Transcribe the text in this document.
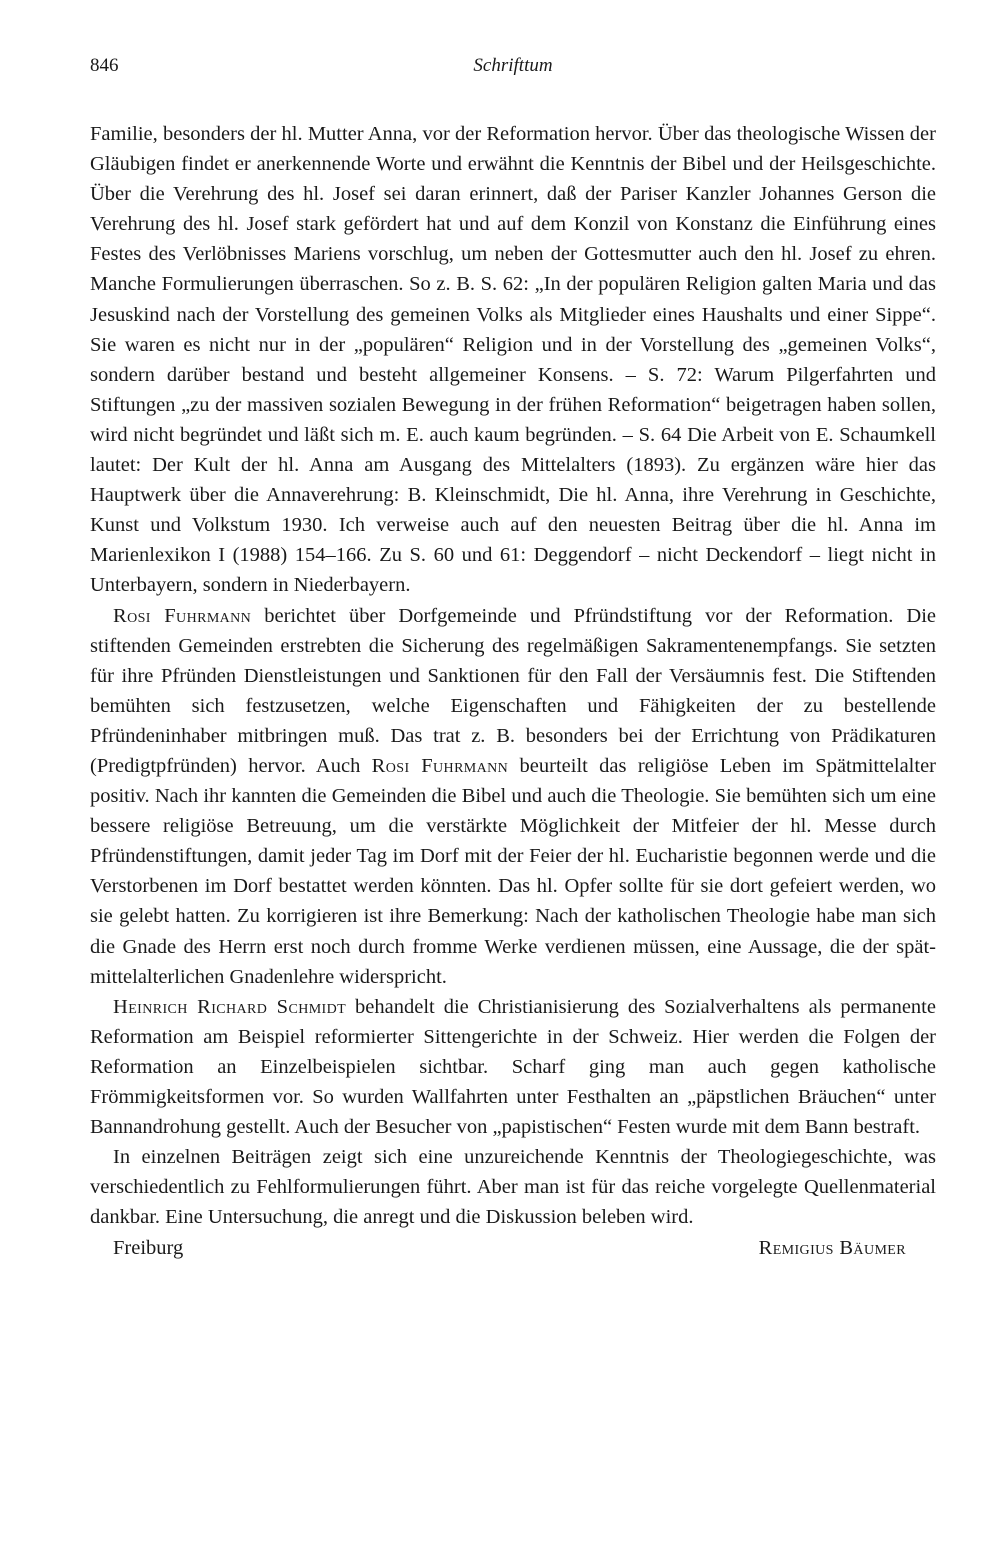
846	Schrifttum

Familie, besonders der hl. Mutter Anna, vor der Reformation hervor. Über das theologische Wissen der Gläubigen findet er anerkennende Worte und erwähnt die Kenntnis der Bibel und der Heilsgeschichte. Über die Verehrung des hl. Josef sei daran erinnert, daß der Pariser Kanzler Johannes Gerson die Verehrung des hl. Josef stark gefördert hat und auf dem Konzil von Konstanz die Einführung eines Festes des Verlöbnisses Mariens vorschlug, um neben der Gottesmutter auch den hl. Josef zu ehren. Manche Formulierungen überraschen. So z. B. S. 62: „In der populären Religion galten Maria und das Jesuskind nach der Vorstellung des gemeinen Volks als Mitglieder eines Haushalts und einer Sippe“. Sie waren es nicht nur in der „populären“ Religion und in der Vorstellung des „gemeinen Volks“, sondern darüber bestand und besteht allgemeiner Konsens. – S. 72: Warum Pilgerfahrten und Stiftungen „zu der massiven sozialen Bewegung in der frühen Reformation“ beigetragen haben sollen, wird nicht begründet und läßt sich m. E. auch kaum begründen. – S. 64 Die Arbeit von E. Schaumkell lautet: Der Kult der hl. Anna am Ausgang des Mittelalters (1893). Zu ergänzen wäre hier das Hauptwerk über die Annaverehrung: B. Kleinschmidt, Die hl. Anna, ihre Verehrung in Geschichte, Kunst und Volkstum 1930. Ich verweise auch auf den neuesten Beitrag über die hl. Anna im Marienlexikon I (1988) 154–166. Zu S. 60 und 61: Deggendorf – nicht Deckendorf – liegt nicht in Unterbayern, sondern in Niederbayern.

Rosi Fuhrmann berichtet über Dorfgemeinde und Pfründstiftung vor der Reformation. Die stiftenden Gemeinden erstrebten die Sicherung des regelmäßigen Sakramentenempfangs. Sie setzten für ihre Pfründen Dienstleistungen und Sanktionen für den Fall der Versäumnis fest. Die Stiftenden bemühten sich festzusetzen, welche Eigenschaften und Fähigkeiten der zu bestellende Pfründeninhaber mitbringen muß. Das trat z. B. besonders bei der Errichtung von Prädikaturen (Predigtpfründen) hervor. Auch Rosi Fuhrmann beurteilt das religiöse Leben im Spätmittelalter positiv. Nach ihr kannten die Gemeinden die Bibel und auch die Theologie. Sie bemühten sich um eine bessere religiöse Betreuung, um die verstärkte Möglichkeit der Mitfeier der hl. Messe durch Pfründenstiftungen, damit jeder Tag im Dorf mit der Feier der hl. Eucharistie begonnen werde und die Verstorbenen im Dorf bestattet werden könnten. Das hl. Opfer sollte für sie dort gefeiert werden, wo sie gelebt hatten. Zu korrigieren ist ihre Bemerkung: Nach der katholischen Theologie habe man sich die Gnade des Herrn erst noch durch fromme Werke verdienen müssen, eine Aussage, die der spätmittelalterlichen Gnadenlehre widerspricht.

Heinrich Richard Schmidt behandelt die Christianisierung des Sozialverhaltens als permanente Reformation am Beispiel reformierter Sittengerichte in der Schweiz. Hier werden die Folgen der Reformation an Einzelbeispielen sichtbar. Scharf ging man auch gegen katholische Frömmigkeitsformen vor. So wurden Wallfahrten unter Festhalten an „päpstlichen Bräuchen“ unter Bannandrohung gestellt. Auch der Besucher von „papistischen“ Festen wurde mit dem Bann bestraft.

In einzelnen Beiträgen zeigt sich eine unzureichende Kenntnis der Theologiegeschichte, was verschiedentlich zu Fehlformulierungen führt. Aber man ist für das reiche vorgelegte Quellenmaterial dankbar. Eine Untersuchung, die anregt und die Diskussion beleben wird.

Freiburg	Remigius Bäumer
